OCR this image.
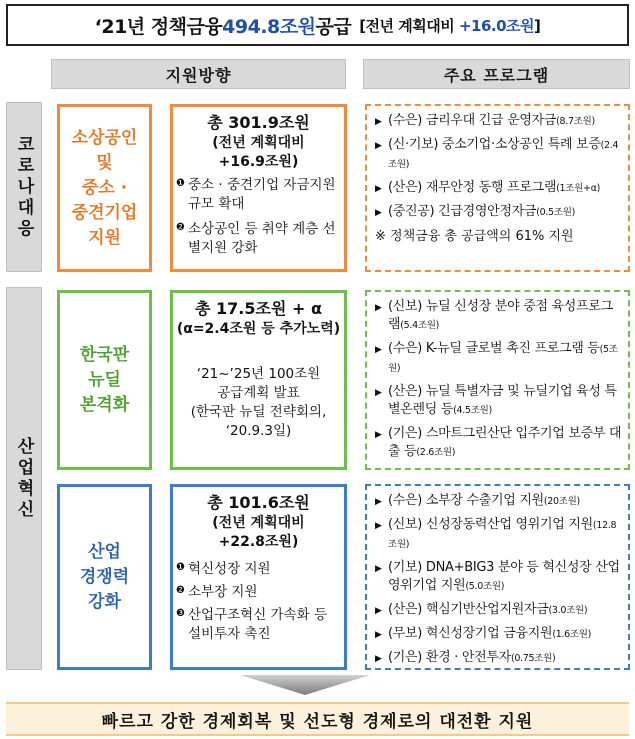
‘21년 정책금융 494.8조원 공급 [전년 계획대비 +16.0조원]
지원방향	주요 프로그램
코로나대응
산업혁신
소상공인
및
중소 ·
중견기업
지원
한국판
뉴딜
본격화
산업
경쟁력
강화
총 301.9조원
(전년 계획대비
+16.9조원)
❶ 중소 · 중견기업 자금지원 규모 확대
❷ 소상공인 등 취약 계층 선별지원 강화
총 17.5조원 + α
(α=2.4조원 등 추가노력)
‘21~’25년 100조원
공급계획 발표
(한국판 뉴딜 전략회의,
‘20.9.3일)
총 101.6조원
(전년 계획대비
+22.8조원)
❶ 혁신성장 지원
❷ 소부장 지원
❸ 산업구조혁신 가속화 등 설비투자 촉진
▶ (수은) 금리우대 긴급 운영자금(8.7조원)
▶ (신·기보) 중소기업·소상공인 특례 보증(2.4조원)
▶ (산은) 재무안정 동행 프로그램(1조원+α)
▶ (중진공) 긴급경영안정자금(0.5조원)
※ 정책금융 총 공급액의 61% 지원
▶ (신보) 뉴딜 신성장 분야 중점 육성프로그램(5.4조원)
▶ (수은) K-뉴딜 글로벌 촉진 프로그램 등(5조원)
▶ (산은) 뉴딜 특별자금 및 뉴딜기업 육성 특별온렌딩 등(4.5조원)
▶ (기은) 스마트그린산단 입주기업 보증부 대출 등(2.6조원)
▶ (수은) 소부장 수출기업 지원(20조원)
▶ (신보) 신성장동력산업 영위기업 지원(12.8조원)
▶ (기보) DNA+BIG3 분야 등 혁신성장 산업 영위기업 지원(5.0조원)
▶ (산은) 핵심기반산업지원자금(3.0조원)
▶ (무보) 혁신성장기업 금융지원(1.6조원)
▶ (기은) 환경 · 안전투자(0.75조원)
빠르고 강한 경제회복 및 선도형 경제로의 대전환 지원
